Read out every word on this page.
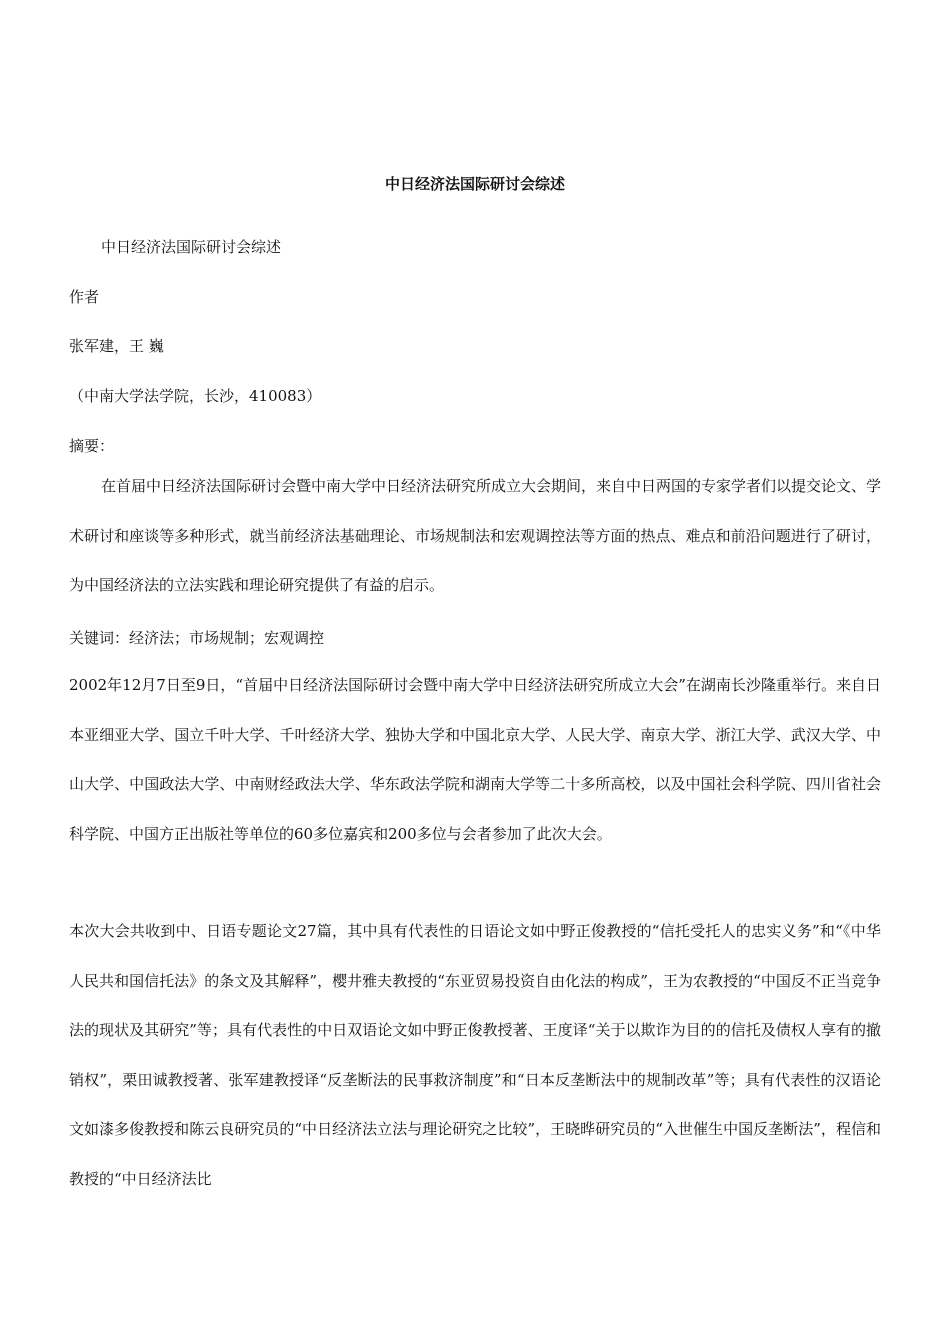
中日经济法国际研讨会综述
中日经济法国际研讨会综述
作者
张军建，王 巍
（中南大学法学院，长沙，410083）
摘要：

在首届中日经济法国际研讨会暨中南大学中日经济法研究所成立大会期间，来自中日两国的专家学者们以提交论文、学术研讨和座谈等多种形式，就当前经济法基础理论、市场规制法和宏观调控法等方面的热点、难点和前沿问题进行了研讨，为中国经济法的立法实践和理论研究提供了有益的启示。

关键词：经济法；市场规制；宏观调控

2002年12月7日至9日，“首届中日经济法国际研讨会暨中南大学中日经济法研究所成立大会”在湖南长沙隆重举行。来自日本亚细亚大学、国立千叶大学、千叶经济大学、独协大学和中国北京大学、人民大学、南京大学、浙江大学、武汉大学、中山大学、中国政法大学、中南财经政法大学、华东政法学院和湖南大学等二十多所高校，以及中国社会科学院、四川省社会科学院、中国方正出版社等单位的60多位嘉宾和200多位与会者参加了此次大会。

本次大会共收到中、日语专题论文27篇，其中具有代表性的日语论文如中野正俊教授的“信托受托人的忠实义务”和“《中华人民共和国信托法》的条文及其解释”，樱井雅夫教授的“东亚贸易投资自由化法的构成”，王为农教授的“中国反不正当竞争法的现状及其研究”等；具有代表性的中日双语论文如中野正俊教授著、王度译“关于以欺诈为目的的信托及债权人享有的撤销权”，栗田诚教授著、张军建教授译“反垄断法的民事救济制度”和“日本反垄断法中的规制改革”等；具有代表性的汉语论文如漆多俊教授和陈云良研究员的“中日经济法立法与理论研究之比较”，王晓晔研究员的“入世催生中国反垄断法”，程信和教授的“中日经济法比
